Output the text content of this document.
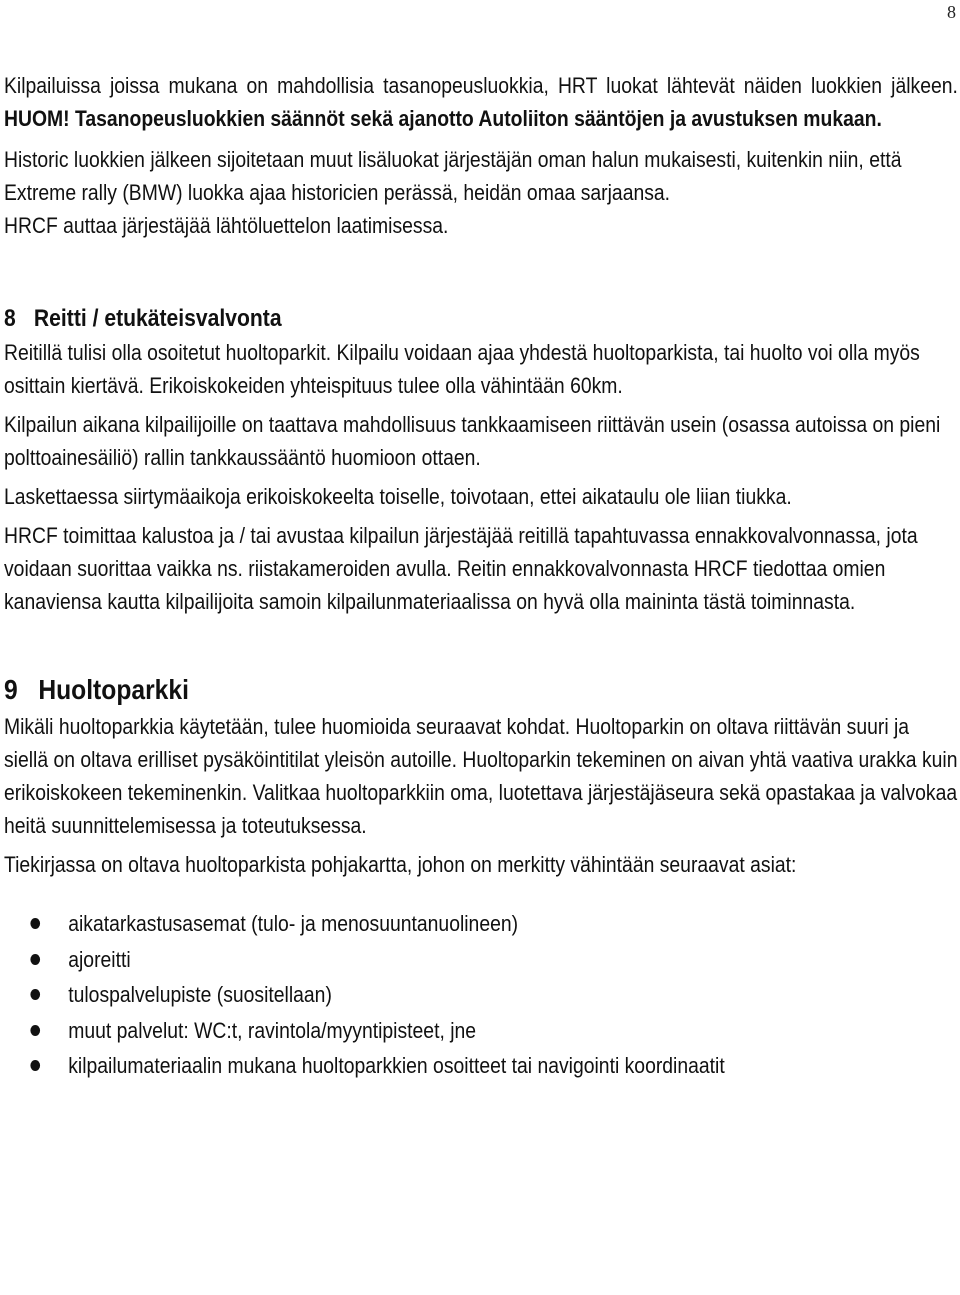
8

Kilpailuissa joissa mukana on mahdollisia tasanopeusluokkia, HRT luokat lähtevät näiden luokkien jälkeen. HUOM! Tasanopeusluokkien säännöt sekä ajanotto Autoliiton sääntöjen ja avustuksen mukaan.

Historic luokkien jälkeen sijoitetaan muut lisäluokat järjestäjän oman halun mukaisesti, kuitenkin niin, että Extreme rally (BMW) luokka ajaa historicien perässä, heidän omaa sarjaansa.

HRCF auttaa järjestäjää lähtöluettelon laatimisessa.

8 Reitti / etukäteisvalvonta

Reitillä tulisi olla osoitetut huoltoparkit. Kilpailu voidaan ajaa yhdestä huoltoparkista, tai huolto voi olla myös osittain kiertävä. Erikoiskokeiden yhteispituus tulee olla vähintään 60km.

Kilpailun aikana kilpailijoille on taattava mahdollisuus tankkaamiseen riittävän usein (osassa autoissa on pieni polttoainesäiliö) rallin tankkaussääntö huomioon ottaen.

Laskettaessa siirtymäaikoja erikoiskokeelta toiselle, toivotaan, ettei aikataulu ole liian tiukka.

HRCF toimittaa kalustoa ja / tai avustaa kilpailun järjestäjää reitillä tapahtuvassa ennakkovalvonnassa, jota voidaan suorittaa vaikka ns. riistakameroiden avulla. Reitin ennakkovalvonnasta HRCF tiedottaa omien kanaviensa kautta kilpailijoita samoin kilpailunmateriaalissa on hyvä olla maininta tästä toiminnasta.

9 Huoltoparkki

Mikäli huoltoparkkia käytetään, tulee huomioida seuraavat kohdat. Huoltoparkin on oltava riittävän suuri ja siellä on oltava erilliset pysäköintitilat yleisön autoille. Huoltoparkin tekeminen on aivan yhtä vaativa urakka kuin erikoiskokeen tekeminenkin. Valitkaa huoltoparkkiin oma, luotettava järjestäjäseura sekä opastakaa ja valvokaa heitä suunnittelemisessa ja toteutuksessa.

Tiekirjassa on oltava huoltoparkista pohjakartta, johon on merkitty vähintään seuraavat asiat:

aikatarkastusasemat (tulo- ja menosuuntanuolineen)
ajoreitti
tulospalvelupiste (suositellaan)
muut palvelut: WC:t, ravintola/myyntipisteet, jne
kilpailumateriaalin mukana huoltoparkkien osoitteet tai navigointi koordinaatit
